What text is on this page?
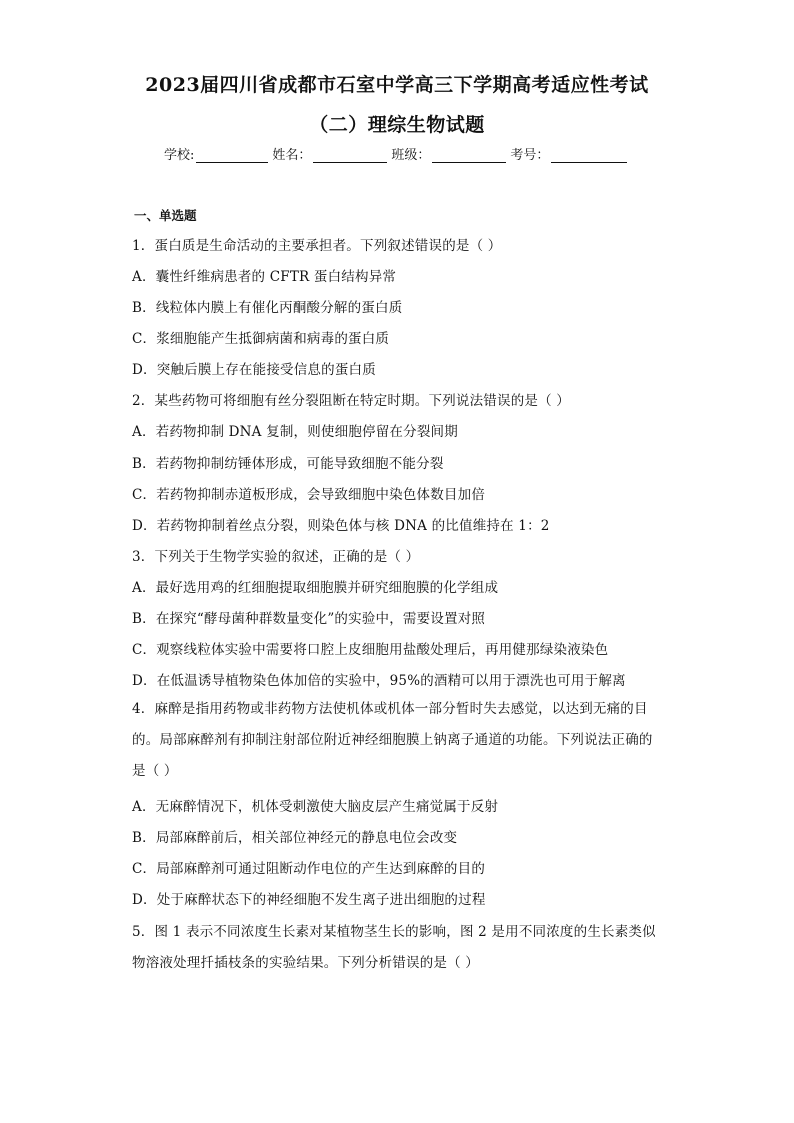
2023届四川省成都市石室中学高三下学期高考适应性考试
（二）理综生物试题
学校:	姓名：	班级：	考号：
一、单选题
1．蛋白质是生命活动的主要承担者。下列叙述错误的是（ ）
A．囊性纤维病患者的 CFTR 蛋白结构异常
B．线粒体内膜上有催化丙酮酸分解的蛋白质
C．浆细胞能产生抵御病菌和病毒的蛋白质
D．突触后膜上存在能接受信息的蛋白质
2．某些药物可将细胞有丝分裂阻断在特定时期。下列说法错误的是（ ）
A．若药物抑制 DNA 复制，则使细胞停留在分裂间期
B．若药物抑制纺锤体形成，可能导致细胞不能分裂
C．若药物抑制赤道板形成，会导致细胞中染色体数目加倍
D．若药物抑制着丝点分裂，则染色体与核 DNA 的比值维持在 1：2
3．下列关于生物学实验的叙述，正确的是（ ）
A．最好选用鸡的红细胞提取细胞膜并研究细胞膜的化学组成
B．在探究“酵母菌种群数量变化”的实验中，需要设置对照
C．观察线粒体实验中需要将口腔上皮细胞用盐酸处理后，再用健那绿染液染色
D．在低温诱导植物染色体加倍的实验中，95%的酒精可以用于漂洗也可用于解离
4．麻醉是指用药物或非药物方法使机体或机体一部分暂时失去感觉，以达到无痛的目的。局部麻醉剂有抑制注射部位附近神经细胞膜上钠离子通道的功能。下列说法正确的是（ ）
A．无麻醉情况下，机体受刺激使大脑皮层产生痛觉属于反射
B．局部麻醉前后，相关部位神经元的静息电位会改变
C．局部麻醉剂可通过阻断动作电位的产生达到麻醉的目的
D．处于麻醉状态下的神经细胞不发生离子进出细胞的过程
5．图 1 表示不同浓度生长素对某植物茎生长的影响，图 2 是用不同浓度的生长素类似
物溶液处理扦插枝条的实验结果。下列分析错误的是（ ）
